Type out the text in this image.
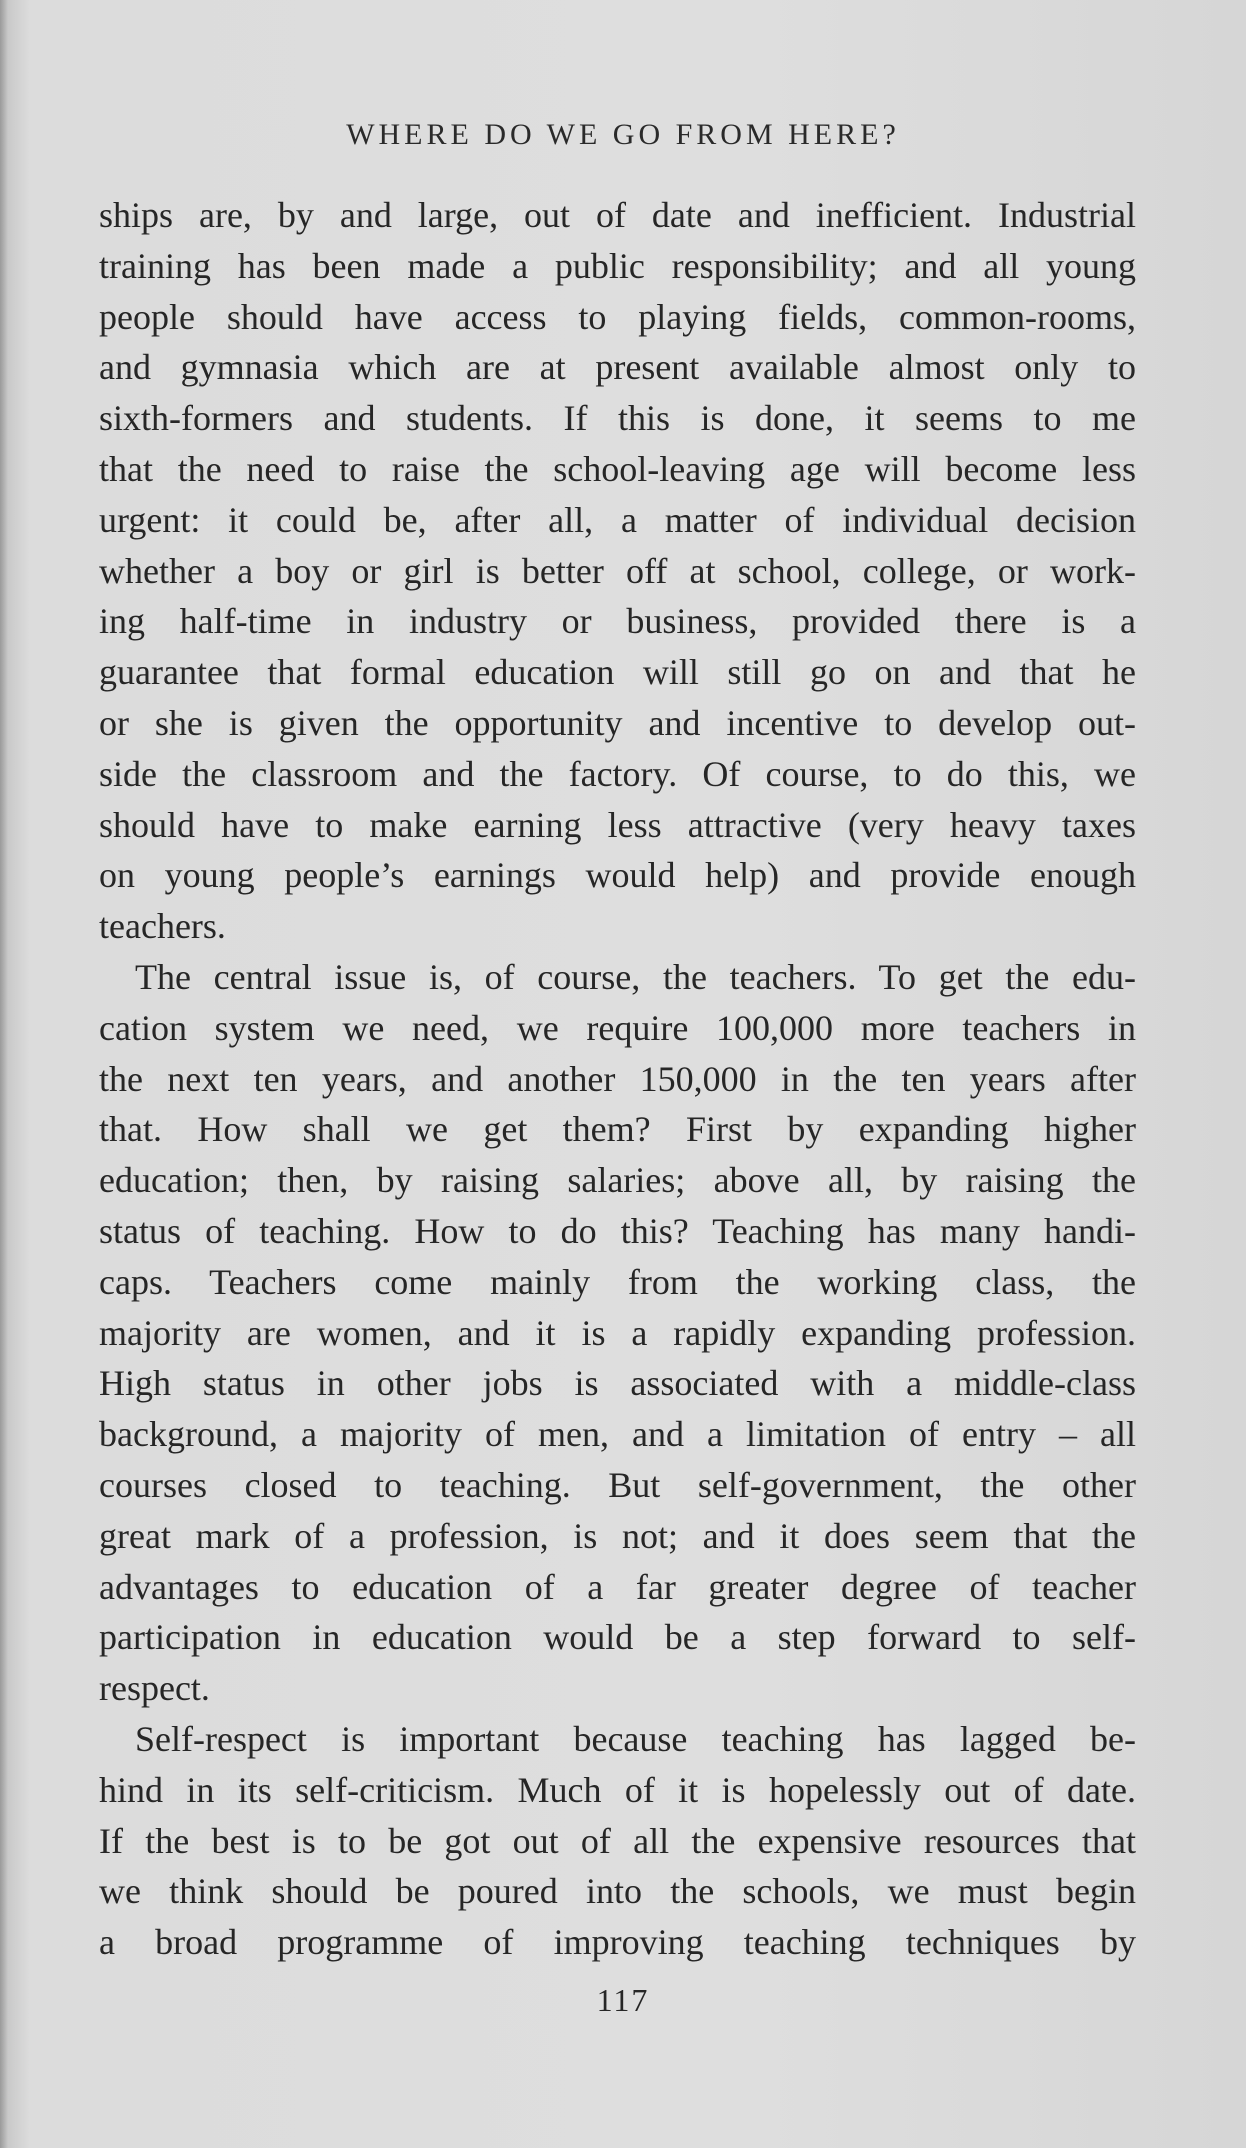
WHERE DO WE GO FROM HERE?
ships are, by and large, out of date and inefficient. Industrial
training has been made a public responsibility; and all young
people should have access to playing fields, common-rooms,
and gymnasia which are at present available almost only to
sixth-formers and students. If this is done, it seems to me
that the need to raise the school-leaving age will become less
urgent: it could be, after all, a matter of individual decision
whether a boy or girl is better off at school, college, or work-
ing half-time in industry or business, provided there is a
guarantee that formal education will still go on and that he
or she is given the opportunity and incentive to develop out-
side the classroom and the factory. Of course, to do this, we
should have to make earning less attractive (very heavy taxes
on young people’s earnings would help) and provide enough
teachers.
The central issue is, of course, the teachers. To get the edu-
cation system we need, we require 100,000 more teachers in
the next ten years, and another 150,000 in the ten years after
that. How shall we get them? First by expanding higher
education; then, by raising salaries; above all, by raising the
status of teaching. How to do this? Teaching has many handi-
caps. Teachers come mainly from the working class, the
majority are women, and it is a rapidly expanding profession.
High status in other jobs is associated with a middle-class
background, a majority of men, and a limitation of entry – all
courses closed to teaching. But self-government, the other
great mark of a profession, is not; and it does seem that the
advantages to education of a far greater degree of teacher
participation in education would be a step forward to self-
respect.
Self-respect is important because teaching has lagged be-
hind in its self-criticism. Much of it is hopelessly out of date.
If the best is to be got out of all the expensive resources that
we think should be poured into the schools, we must begin
a broad programme of improving teaching techniques by
117
